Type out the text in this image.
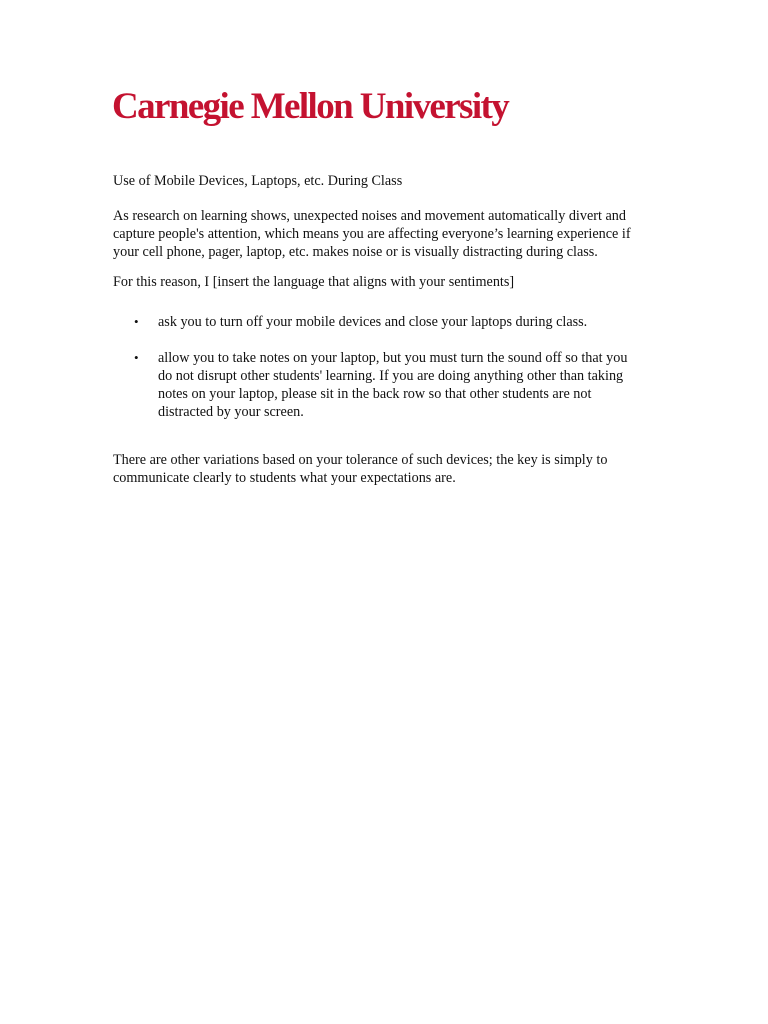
Carnegie Mellon University

Use of Mobile Devices, Laptops, etc. During Class

As research on learning shows, unexpected noises and movement automatically divert and capture people's attention, which means you are affecting everyone’s learning experience if your cell phone, pager, laptop, etc. makes noise or is visually distracting during class.

For this reason, I [insert the language that aligns with your sentiments]

• ask you to turn off your mobile devices and close your laptops during class.
• allow you to take notes on your laptop, but you must turn the sound off so that you do not disrupt other students' learning. If you are doing anything other than taking notes on your laptop, please sit in the back row so that other students are not distracted by your screen.

There are other variations based on your tolerance of such devices; the key is simply to communicate clearly to students what your expectations are.
